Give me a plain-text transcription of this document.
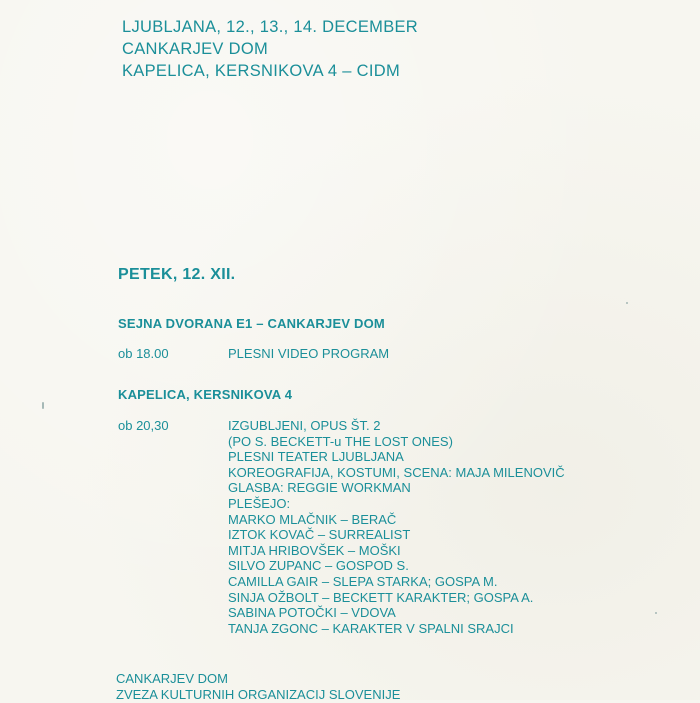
LJUBLJANA, 12., 13., 14. DECEMBER
CANKARJEV DOM
KAPELICA, KERSNIKOVA 4 – CIDM
PETEK, 12. XII.
SEJNA DVORANA E1 – CANKARJEV DOM
ob 18.00	PLESNI VIDEO PROGRAM
KAPELICA, KERSNIKOVA 4
ob 20,30	IZGUBLJENI, OPUS ŠT. 2
(PO S. BECKETT-u THE LOST ONES)
PLESNI TEATER LJUBLJANA
KOREOGRAFIJA, KOSTUMI, SCENA: MAJA MILENOVIČ
GLASBA: REGGIE WORKMAN
PLEŠEJO:
MARKO MLAČNIK – BERAČ
IZTOK KOVAČ – SURREALIST
MITJA HRIBOVŠEK – MOŠKI
SILVO ZUPANC – GOSPOD S.
CAMILLA GAIR – SLEPA STARKA; GOSPA M.
SINJA OŽBOLT – BECKETT KARAKTER; GOSPA A.
SABINA POTOČKI – VDOVA
TANJA ZGONC – KARAKTER V SPALNI SRAJCI
CANKARJEV DOM
ZVEZA KULTURNIH ORGANIZACIJ SLOVENIJE
